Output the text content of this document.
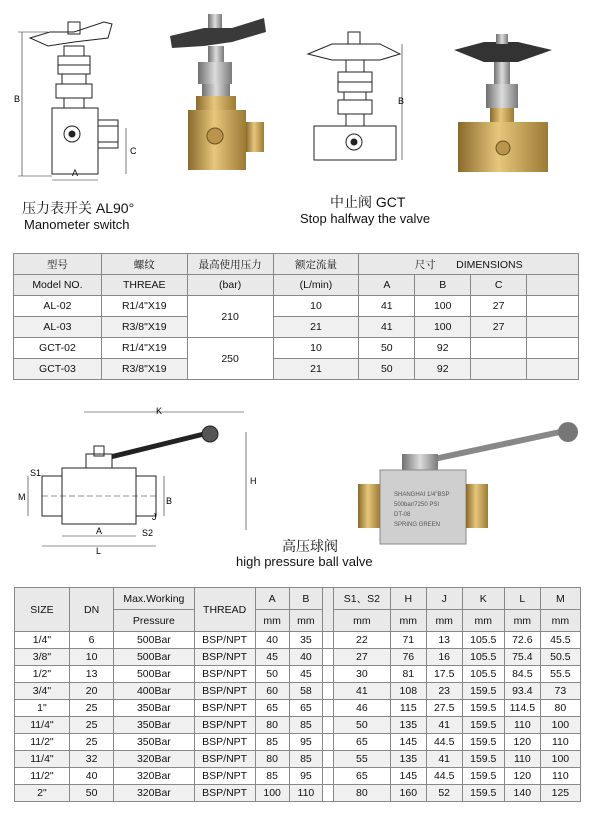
B
C
A
B
压力表开关 AL90°
Manometer switch
中止阀 GCT
Stop halfway the valve
型号	螺纹	最高使用压力	额定流量	尺寸 DIMENSIONS			
Model NO.	THREAE	(bar)	(L/min)	A	B	C	
AL-02	R1/4"X19	210	10	41	100	27	
AL-03	R3/8"X19		21	41	100	27	
GCT-02	R1/4"X19	250	10	50	92		
GCT-03	R3/8"X19		21	50	92		
K
H
S1
M	B
J
S2
A
L
SHANGHAI 1/4"BSP
500bar/7250 PSI
DT-08
SPRING GREEN
高压球阀
high pressure ball valve
SIZE	DN	Max.Working	THREAD	A	B		S1、S2	H	J	K	L	M
		Pressure		mm	mm		mm	mm	mm	mm	mm	mm
1/4"	6	500Bar	BSP/NPT	40	35		22	71	13	105.5	72.6	45.5
3/8"	10	500Bar	BSP/NPT	45	40		27	76	16	105.5	75.4	50.5
1/2"	13	500Bar	BSP/NPT	50	45		30	81	17.5	105.5	84.5	55.5
3/4"	20	400Bar	BSP/NPT	60	58		41	108	23	159.5	93.4	73
1"	25	350Bar	BSP/NPT	65	65		46	115	27.5	159.5	114.5	80
11/4"	25	350Bar	BSP/NPT	80	85		50	135	41	159.5	110	100
11/2"	25	350Bar	BSP/NPT	85	95		65	145	44.5	159.5	120	110
11/4"	32	320Bar	BSP/NPT	80	85		55	135	41	159.5	110	100
11/2"	40	320Bar	BSP/NPT	85	95		65	145	44.5	159.5	120	110
2"	50	320Bar	BSP/NPT	100	110		80	160	52	159.5	140	125
